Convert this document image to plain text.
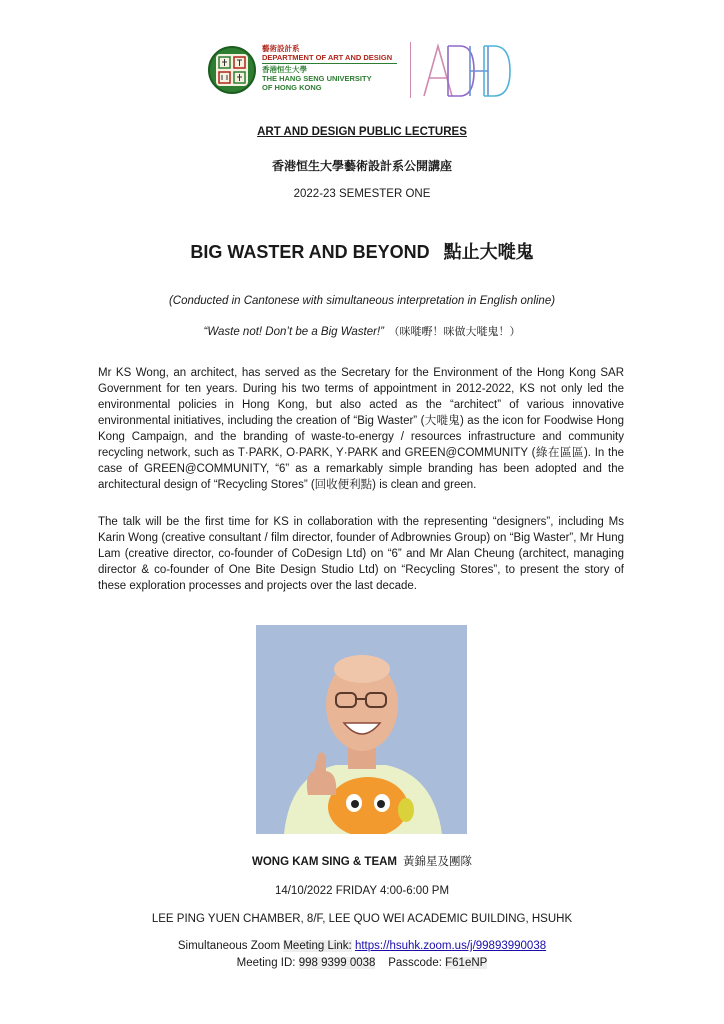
藝術設計系
DEPARTMENT OF ART AND DESIGN
香港恒生大學
THE HANG SENG UNIVERSITY
OF HONG KONG
ART AND DESIGN PUBLIC LECTURES
香港恒生大學藝術設計系公開講座
2022-23 SEMESTER ONE
BIG WASTER AND BEYOND 點止大嘥鬼
(Conducted in Cantonese with simultaneous interpretation in English online)
“Waste not! Don’t be a Big Waster!” （咪嘥嘢！咪做大嘥鬼！）
Mr KS Wong, an architect, has served as the Secretary for the Environment of the Hong Kong SAR Government for ten years. During his two terms of appointment in 2012-2022, KS not only led the environmental policies in Hong Kong, but also acted as the “architect” of various innovative environmental initiatives, including the creation of “Big Waster” (大嘥鬼) as the icon for Foodwise Hong Kong Campaign, and the branding of waste-to-energy / resources infrastructure and community recycling network, such as T·PARK, O·PARK, Y·PARK and GREEN@COMMUNITY (綠在區區). In the case of GREEN@COMMUNITY, “6” as a remarkably simple branding has been adopted and the architectural design of “Recycling Stores” (回收便利點) is clean and green.
The talk will be the first time for KS in collaboration with the representing “designers”, including Ms Karin Wong (creative consultant / film director, founder of Adbrownies Group) on “Big Waster”, Mr Hung Lam (creative director, co-founder of CoDesign Ltd) on “6” and Mr Alan Cheung (architect, managing director & co-founder of One Bite Design Studio Ltd) on “Recycling Stores”, to present the story of these exploration processes and projects over the last decade.
WONG KAM SING & TEAM 黃錦星及團隊
14/10/2022 FRIDAY 4:00-6:00 PM
LEE PING YUEN CHAMBER, 8/F, LEE QUO WEI ACADEMIC BUILDING, HSUHK
Simultaneous Zoom Meeting Link: https://hsuhk.zoom.us/j/99893990038
Meeting ID: 998 9399 0038 Passcode: F61eNP
